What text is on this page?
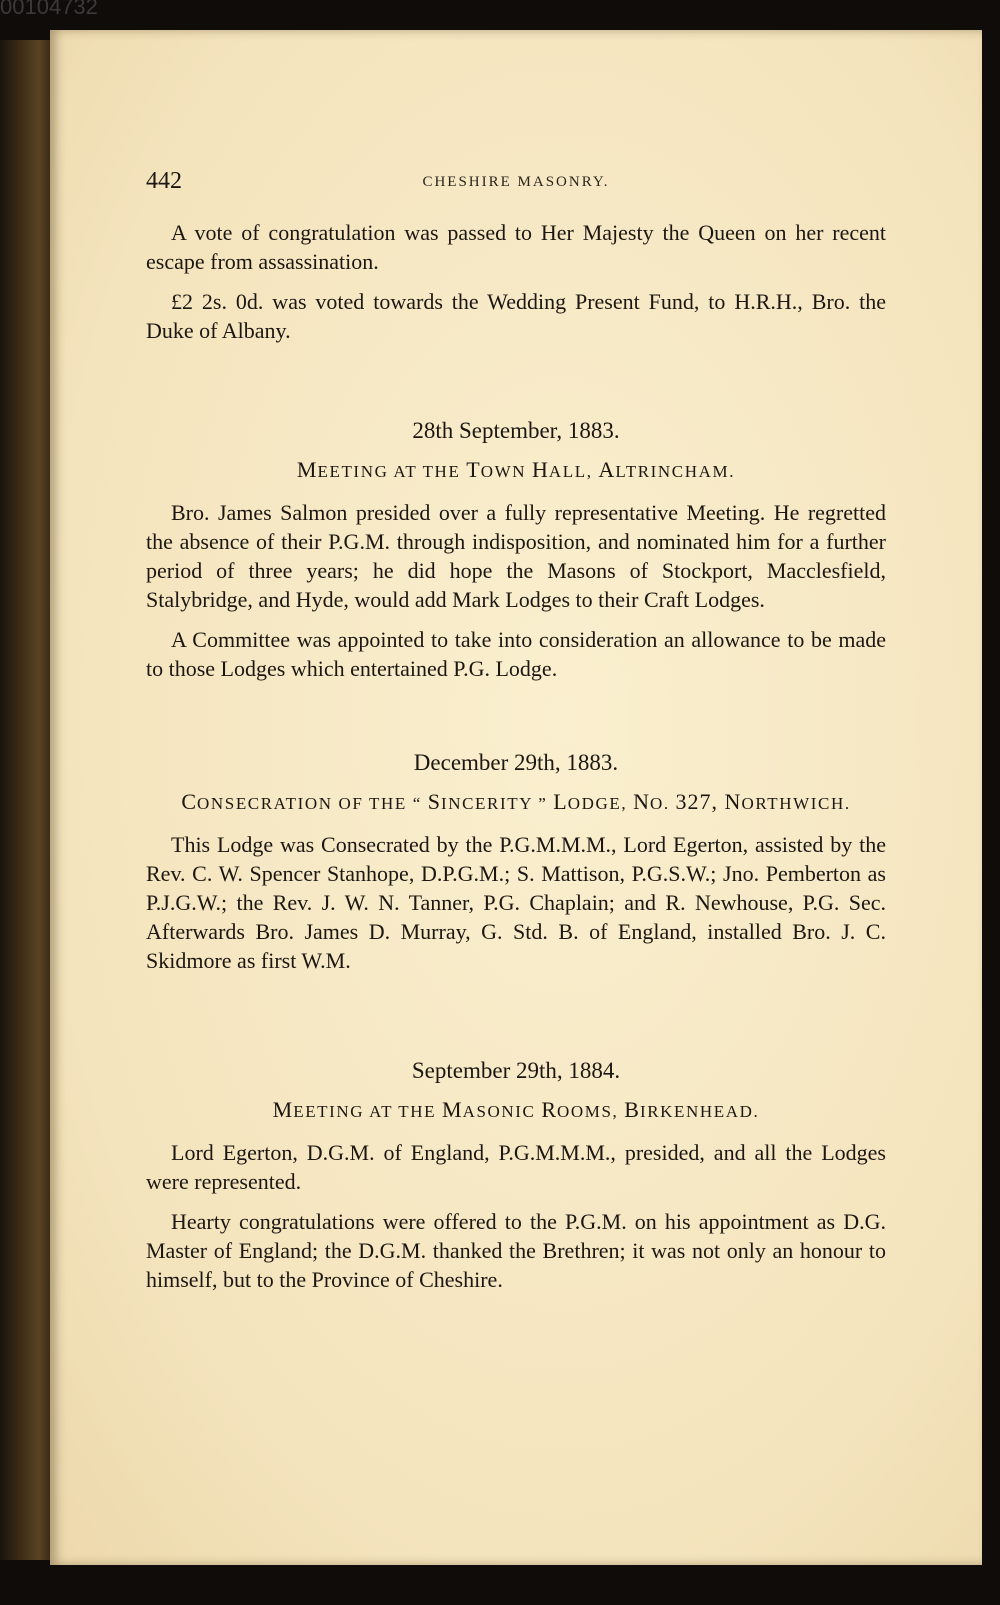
00104732
442	CHESHIRE MASONRY.

A vote of congratulation was passed to Her Majesty the Queen on her recent escape from assassination.

£2 2s. 0d. was voted towards the Wedding Present Fund, to H.R.H., Bro. the Duke of Albany.

28th September, 1883.
MEETING AT THE TOWN HALL, ALTRINCHAM.

Bro. James Salmon presided over a fully representative Meeting. He regretted the absence of their P.G.M. through indisposition, and nominated him for a further period of three years; he did hope the Masons of Stockport, Macclesfield, Stalybridge, and Hyde, would add Mark Lodges to their Craft Lodges.

A Committee was appointed to take into consideration an allowance to be made to those Lodges which entertained P.G. Lodge.

December 29th, 1883.
CONSECRATION OF THE “ SINCERITY ” LODGE, NO. 327, NORTHWICH.

This Lodge was Consecrated by the P.G.M.M.M., Lord Egerton, assisted by the Rev. C. W. Spencer Stanhope, D.P.G.M.; S. Mattison, P.G.S.W.; Jno. Pemberton as P.J.G.W.; the Rev. J. W. N. Tanner, P.G. Chaplain; and R. Newhouse, P.G. Sec. Afterwards Bro. James D. Murray, G. Std. B. of England, installed Bro. J. C. Skidmore as first W.M.

September 29th, 1884.
MEETING AT THE MASONIC ROOMS, BIRKENHEAD.

Lord Egerton, D.G.M. of England, P.G.M.M.M., presided, and all the Lodges were represented.

Hearty congratulations were offered to the P.G.M. on his appointment as D.G. Master of England; the D.G.M. thanked the Brethren; it was not only an honour to himself, but to the Province of Cheshire.
